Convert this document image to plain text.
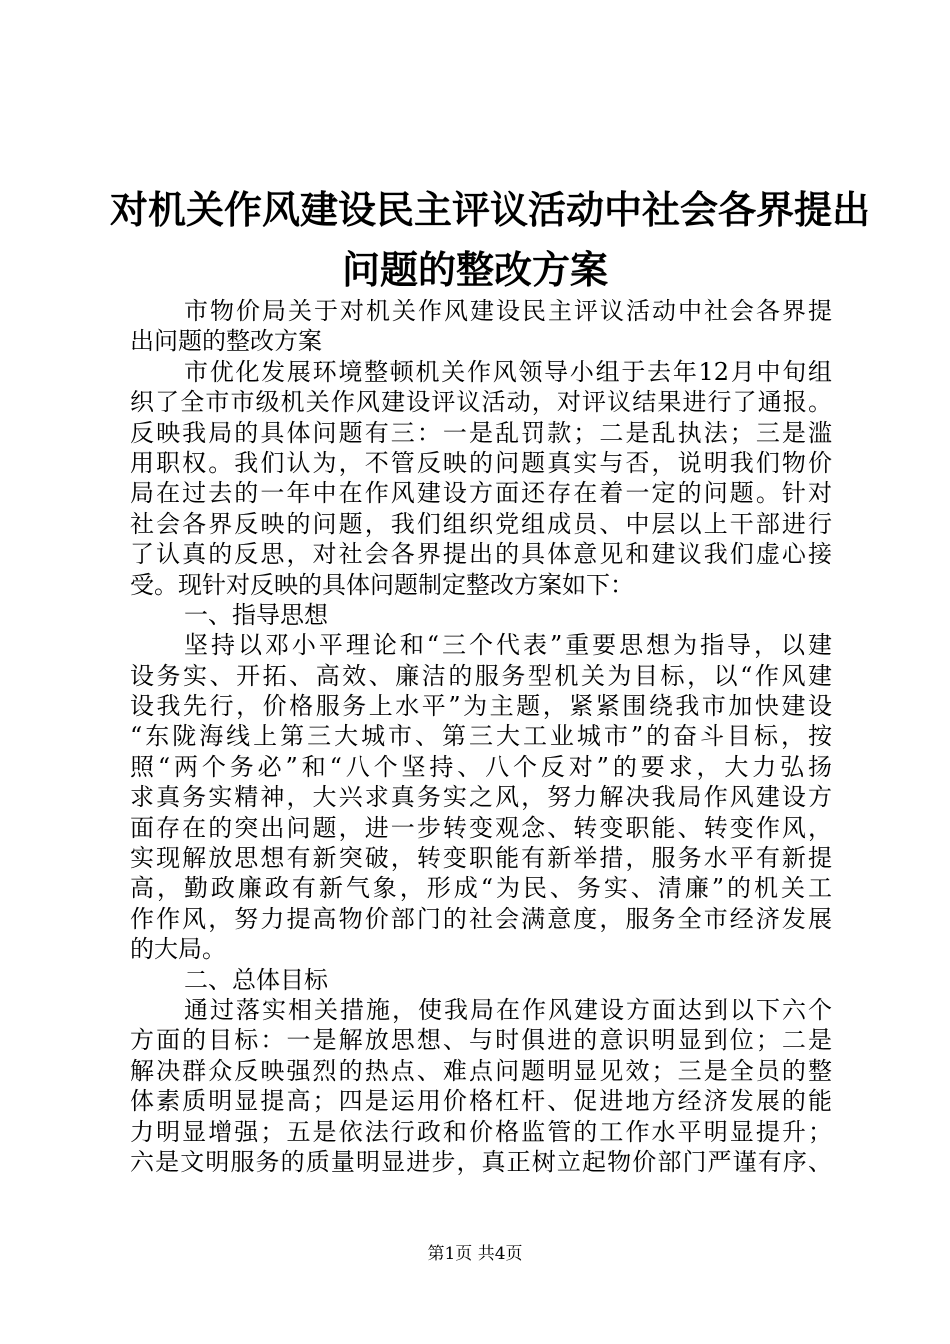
对机关作风建设民主评议活动中社会各界提出
问题的整改方案
市物价局关于对机关作风建设民主评议活动中社会各界提
出问题的整改方案
市优化发展环境整顿机关作风领导小组于去年12月中旬组
织了全市市级机关作风建设评议活动，对评议结果进行了通报。
反映我局的具体问题有三：一是乱罚款；二是乱执法；三是滥
用职权。我们认为，不管反映的问题真实与否，说明我们物价
局在过去的一年中在作风建设方面还存在着一定的问题。针对
社会各界反映的问题，我们组织党组成员、中层以上干部进行
了认真的反思，对社会各界提出的具体意见和建议我们虚心接
受。现针对反映的具体问题制定整改方案如下：
一、指导思想
坚持以邓小平理论和“三个代表”重要思想为指导，以建
设务实、开拓、高效、廉洁的服务型机关为目标，以“作风建
设我先行，价格服务上水平”为主题，紧紧围绕我市加快建设
“东陇海线上第三大城市、第三大工业城市”的奋斗目标，按
照“两个务必”和“八个坚持、八个反对”的要求，大力弘扬
求真务实精神，大兴求真务实之风，努力解决我局作风建设方
面存在的突出问题，进一步转变观念、转变职能、转变作风，
实现解放思想有新突破，转变职能有新举措，服务水平有新提
高，勤政廉政有新气象，形成“为民、务实、清廉”的机关工
作作风，努力提高物价部门的社会满意度，服务全市经济发展
的大局。
二、总体目标
通过落实相关措施，使我局在作风建设方面达到以下六个
方面的目标：一是解放思想、与时俱进的意识明显到位；二是
解决群众反映强烈的热点、难点问题明显见效；三是全员的整
体素质明显提高；四是运用价格杠杆、促进地方经济发展的能
力明显增强；五是依法行政和价格监管的工作水平明显提升；
六是文明服务的质量明显进步，真正树立起物价部门严谨有序、
第1页 共4页
